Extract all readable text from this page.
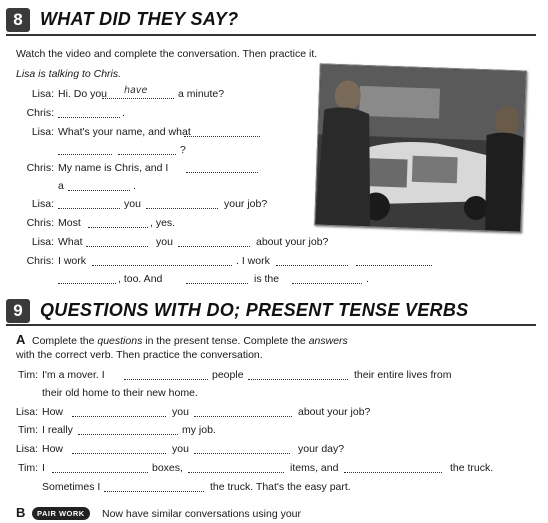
8 WHAT DID THEY SAY?
Watch the video and complete the conversation. Then practice it.
Lisa is talking to Chris.
Lisa: Hi. Do you have	a minute?
Chris:	.
Lisa: What's your name, and what
?
Chris: My name is Chris, and I
a	.
Lisa:	you	your job?
Chris: Most	, yes.
Lisa: What	you	about your job?
Chris: I work	. I work
, too. And	is the	.
9 QUESTIONS WITH DO; PRESENT TENSE VERBS
A Complete the questions in the present tense. Complete the answers
with the correct verb. Then practice the conversation.
Tim: I'm a mover. I	people	their entire lives from
their old home to their new home.
Lisa: How	you	about your job?
Tim: I really	my job.
Lisa: How	you	your day?
Tim: I	boxes,	items, and	the truck.
Sometimes I	the truck. That's the easy part.
B	PAIR WORK	Now have similar conversations using your
